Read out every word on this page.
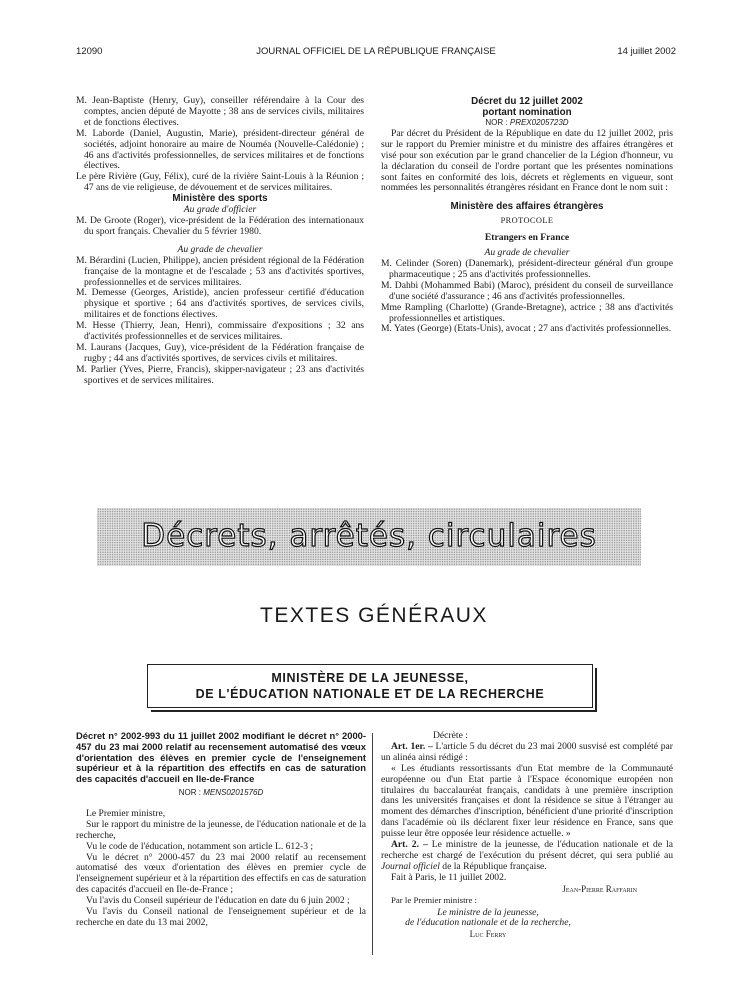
12090	JOURNAL OFFICIEL DE LA RÉPUBLIQUE FRANÇAISE	14 juillet 2002

M. Jean-Baptiste (Henry, Guy), conseiller référendaire à la Cour des comptes, ancien député de Mayotte ; 38 ans de services civils, militaires et de fonctions électives.

M. Laborde (Daniel, Augustin, Marie), président-directeur général de sociétés, adjoint honoraire au maire de Nouméa (Nouvelle-Calédonie) ; 46 ans d'activités professionnelles, de services militaires et de fonctions électives.

Le père Rivière (Guy, Félix), curé de la rivière Saint-Louis à la Réunion ; 47 ans de vie religieuse, de dévouement et de services militaires.

Ministère des sports

Au grade d'officier

M. De Groote (Roger), vice-président de la Fédération des internationaux du sport français. Chevalier du 5 février 1980.

Au grade de chevalier

M. Bérardini (Lucien, Philippe), ancien président régional de la Fédération française de la montagne et de l'escalade ; 53 ans d'activités sportives, professionnelles et de services militaires.

M. Demesse (Georges, Aristide), ancien professeur certifié d'éducation physique et sportive ; 64 ans d'activités sportives, de services civils, militaires et de fonctions électives.

M. Hesse (Thierry, Jean, Henri), commissaire d'expositions ; 32 ans d'activités professionnelles et de services militaires.

M. Laurans (Jacques, Guy), vice-président de la Fédération française de rugby ; 44 ans d'activités sportives, de services civils et militaires.

M. Parlier (Yves, Pierre, Francis), skipper-navigateur ; 23 ans d'activités sportives et de services militaires.

Décret du 12 juillet 2002

portant nomination

NOR : PREX0205723D

Par décret du Président de la République en date du 12 juillet 2002, pris sur le rapport du Premier ministre et du ministre des affaires étrangères et visé pour son exécution par le grand chancelier de la Légion d'honneur, vu la déclaration du conseil de l'ordre portant que les présentes nominations sont faites en conformité des lois, décrets et règlements en vigueur, sont nommées les personnalités étrangères résidant en France dont le nom suit :

Ministère des affaires étrangères

PROTOCOLE

Etrangers en France

Au grade de chevalier

M. Celinder (Soren) (Danemark), président-directeur général d'un groupe pharmaceutique ; 25 ans d'activités professionnelles.

M. Dahbi (Mohammed Babi) (Maroc), président du conseil de surveillance d'une société d'assurance ; 46 ans d'activités professionnelles.

Mme Rampling (Charlotte) (Grande-Bretagne), actrice ; 38 ans d'activités professionnelles et artistiques.

M. Yates (George) (Etats-Unis), avocat ; 27 ans d'activités professionnelles.

Décrets, arrêtés, circulaires
TEXTES GÉNÉRAUX
MINISTÈRE DE LA JEUNESSE,
DE L'ÉDUCATION NATIONALE ET DE LA RECHERCHE

Décret n° 2002-993 du 11 juillet 2002 modifiant le décret n° 2000-457 du 23 mai 2000 relatif au recensement automatisé des vœux d'orientation des élèves en premier cycle de l'enseignement supérieur et à la répartition des effectifs en cas de saturation des capacités d'accueil en Ile-de-France

NOR : MENS0201576D

Le Premier ministre,

Sur le rapport du ministre de la jeunesse, de l'éducation nationale et de la recherche,

Vu le code de l'éducation, notamment son article L. 612-3 ;

Vu le décret n° 2000-457 du 23 mai 2000 relatif au recensement automatisé des vœux d'orientation des élèves en premier cycle de l'enseignement supérieur et à la répartition des effectifs en cas de saturation des capacités d'accueil en Ile-de-France ;

Vu l'avis du Conseil supérieur de l'éducation en date du 6 juin 2002 ;

Vu l'avis du Conseil national de l'enseignement supérieur et de la recherche en date du 13 mai 2002,

Décrète :

Art. 1er. – L'article 5 du décret du 23 mai 2000 susvisé est complété par un alinéa ainsi rédigé :

« Les étudiants ressortissants d'un Etat membre de la Communauté européenne ou d'un Etat partie à l'Espace économique européen non titulaires du baccalauréat français, candidats à une première inscription dans les universités françaises et dont la résidence se situe à l'étranger au moment des démarches d'inscription, bénéficient d'une priorité d'inscription dans l'académie où ils déclarent fixer leur résidence en France, sans que puisse leur être opposée leur résidence actuelle. »

Art. 2. – Le ministre de la jeunesse, de l'éducation nationale et de la recherche est chargé de l'exécution du présent décret, qui sera publié au Journal officiel de la République française.

Fait à Paris, le 11 juillet 2002.

Jean-Pierre Raffarin

Par le Premier ministre :

Le ministre de la jeunesse,

de l'éducation nationale et de la recherche,

Luc Ferry
